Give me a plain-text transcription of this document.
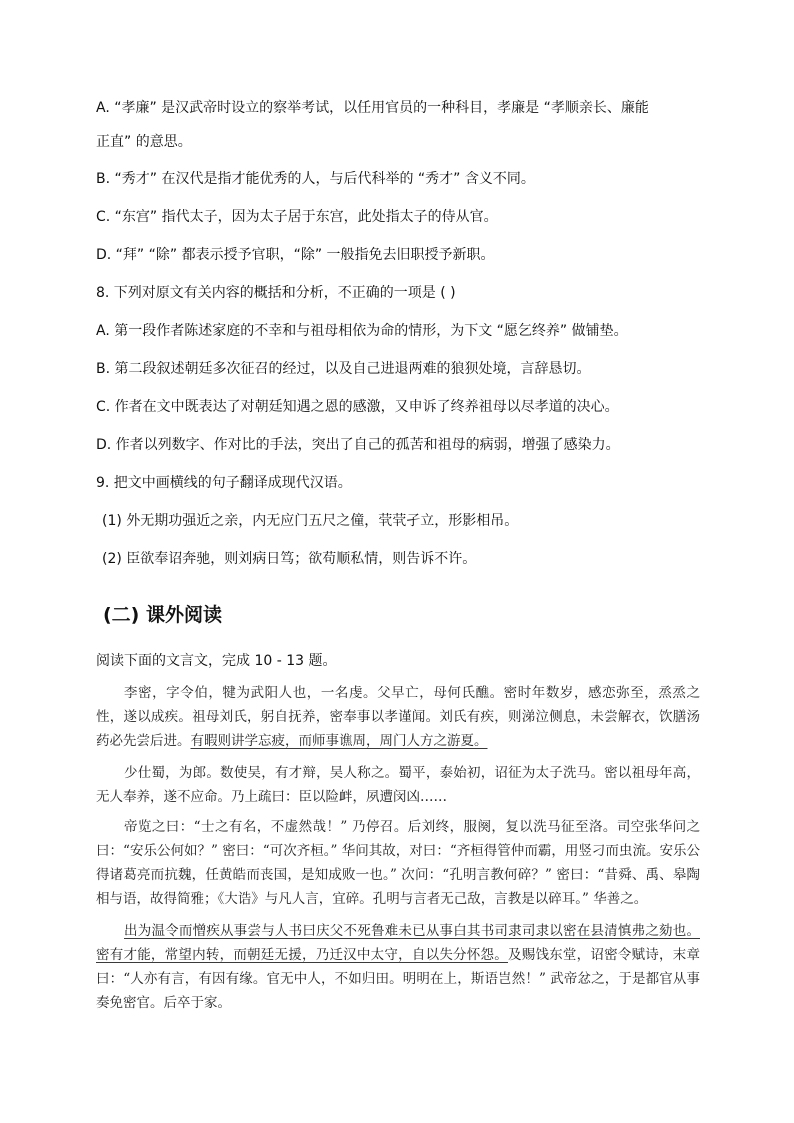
A. “孝廉” 是汉武帝时设立的察举考试，以任用官员的一种科目，孝廉是 “孝顺亲长、廉能
正直” 的意思。
B. “秀才” 在汉代是指才能优秀的人，与后代科举的 “秀才” 含义不同。
C. “东宫” 指代太子，因为太子居于东宫，此处指太子的侍从官。
D. “拜” “除” 都表示授予官职，“除” 一般指免去旧职授予新职。
8. 下列对原文有关内容的概括和分析，不正确的一项是 ( )
A. 第一段作者陈述家庭的不幸和与祖母相依为命的情形，为下文 “愿乞终养” 做铺垫。
B. 第二段叙述朝廷多次征召的经过，以及自己进退两难的狼狈处境，言辞恳切。
C. 作者在文中既表达了对朝廷知遇之恩的感激，又申诉了终养祖母以尽孝道的决心。
D. 作者以列数字、作对比的手法，突出了自己的孤苦和祖母的病弱，增强了感染力。
9. 把文中画横线的句子翻译成现代汉语。
(1) 外无期功强近之亲，内无应门五尺之僮，茕茕孑立，形影相吊。
(2) 臣欲奉诏奔驰，则刘病日笃；欲苟顺私情，则告诉不许。
(二) 课外阅读
阅读下面的文言文，完成 10 - 13 题。

李密，字令伯，犍为武阳人也，一名虔。父早亡，母何氏醮。密时年数岁，感恋弥至，烝烝之性，遂以成疾。祖母刘氏，躬自抚养，密奉事以孝谨闻。刘氏有疾，则涕泣侧息，未尝解衣，饮膳汤药必先尝后进。有暇则讲学忘疲，而师事谯周，周门人方之游夏。

少仕蜀，为郎。数使吴，有才辩，吴人称之。蜀平，泰始初，诏征为太子洗马。密以祖母年高，无人奉养，遂不应命。乃上疏曰：臣以险衅，夙遭闵凶……

帝览之曰：“士之有名，不虚然哉！” 乃停召。后刘终，服阕，复以洗马征至洛。司空张华问之曰：“安乐公何如？” 密曰：“可次齐桓。” 华问其故，对曰：“齐桓得管仲而霸，用竖刁而虫流。安乐公得诸葛亮而抗魏，任黄皓而丧国，是知成败一也。” 次问：“孔明言教何碎？” 密曰：“昔舜、禹、皋陶相与语，故得简雅；《大诰》与凡人言，宜碎。孔明与言者无己敌，言教是以碎耳。” 华善之。

出为温令而憎疾从事尝与人书曰庆父不死鲁难未已从事白其书司隶司隶以密在县清慎弗之劾也。密有才能，常望内转，而朝廷无援，乃迁汉中太守，自以失分怀怨。及赐饯东堂，诏密令赋诗，末章曰：“人亦有言，有因有缘。官无中人，不如归田。明明在上，斯语岂然！” 武帝忿之，于是都官从事奏免密官。后卒于家。
